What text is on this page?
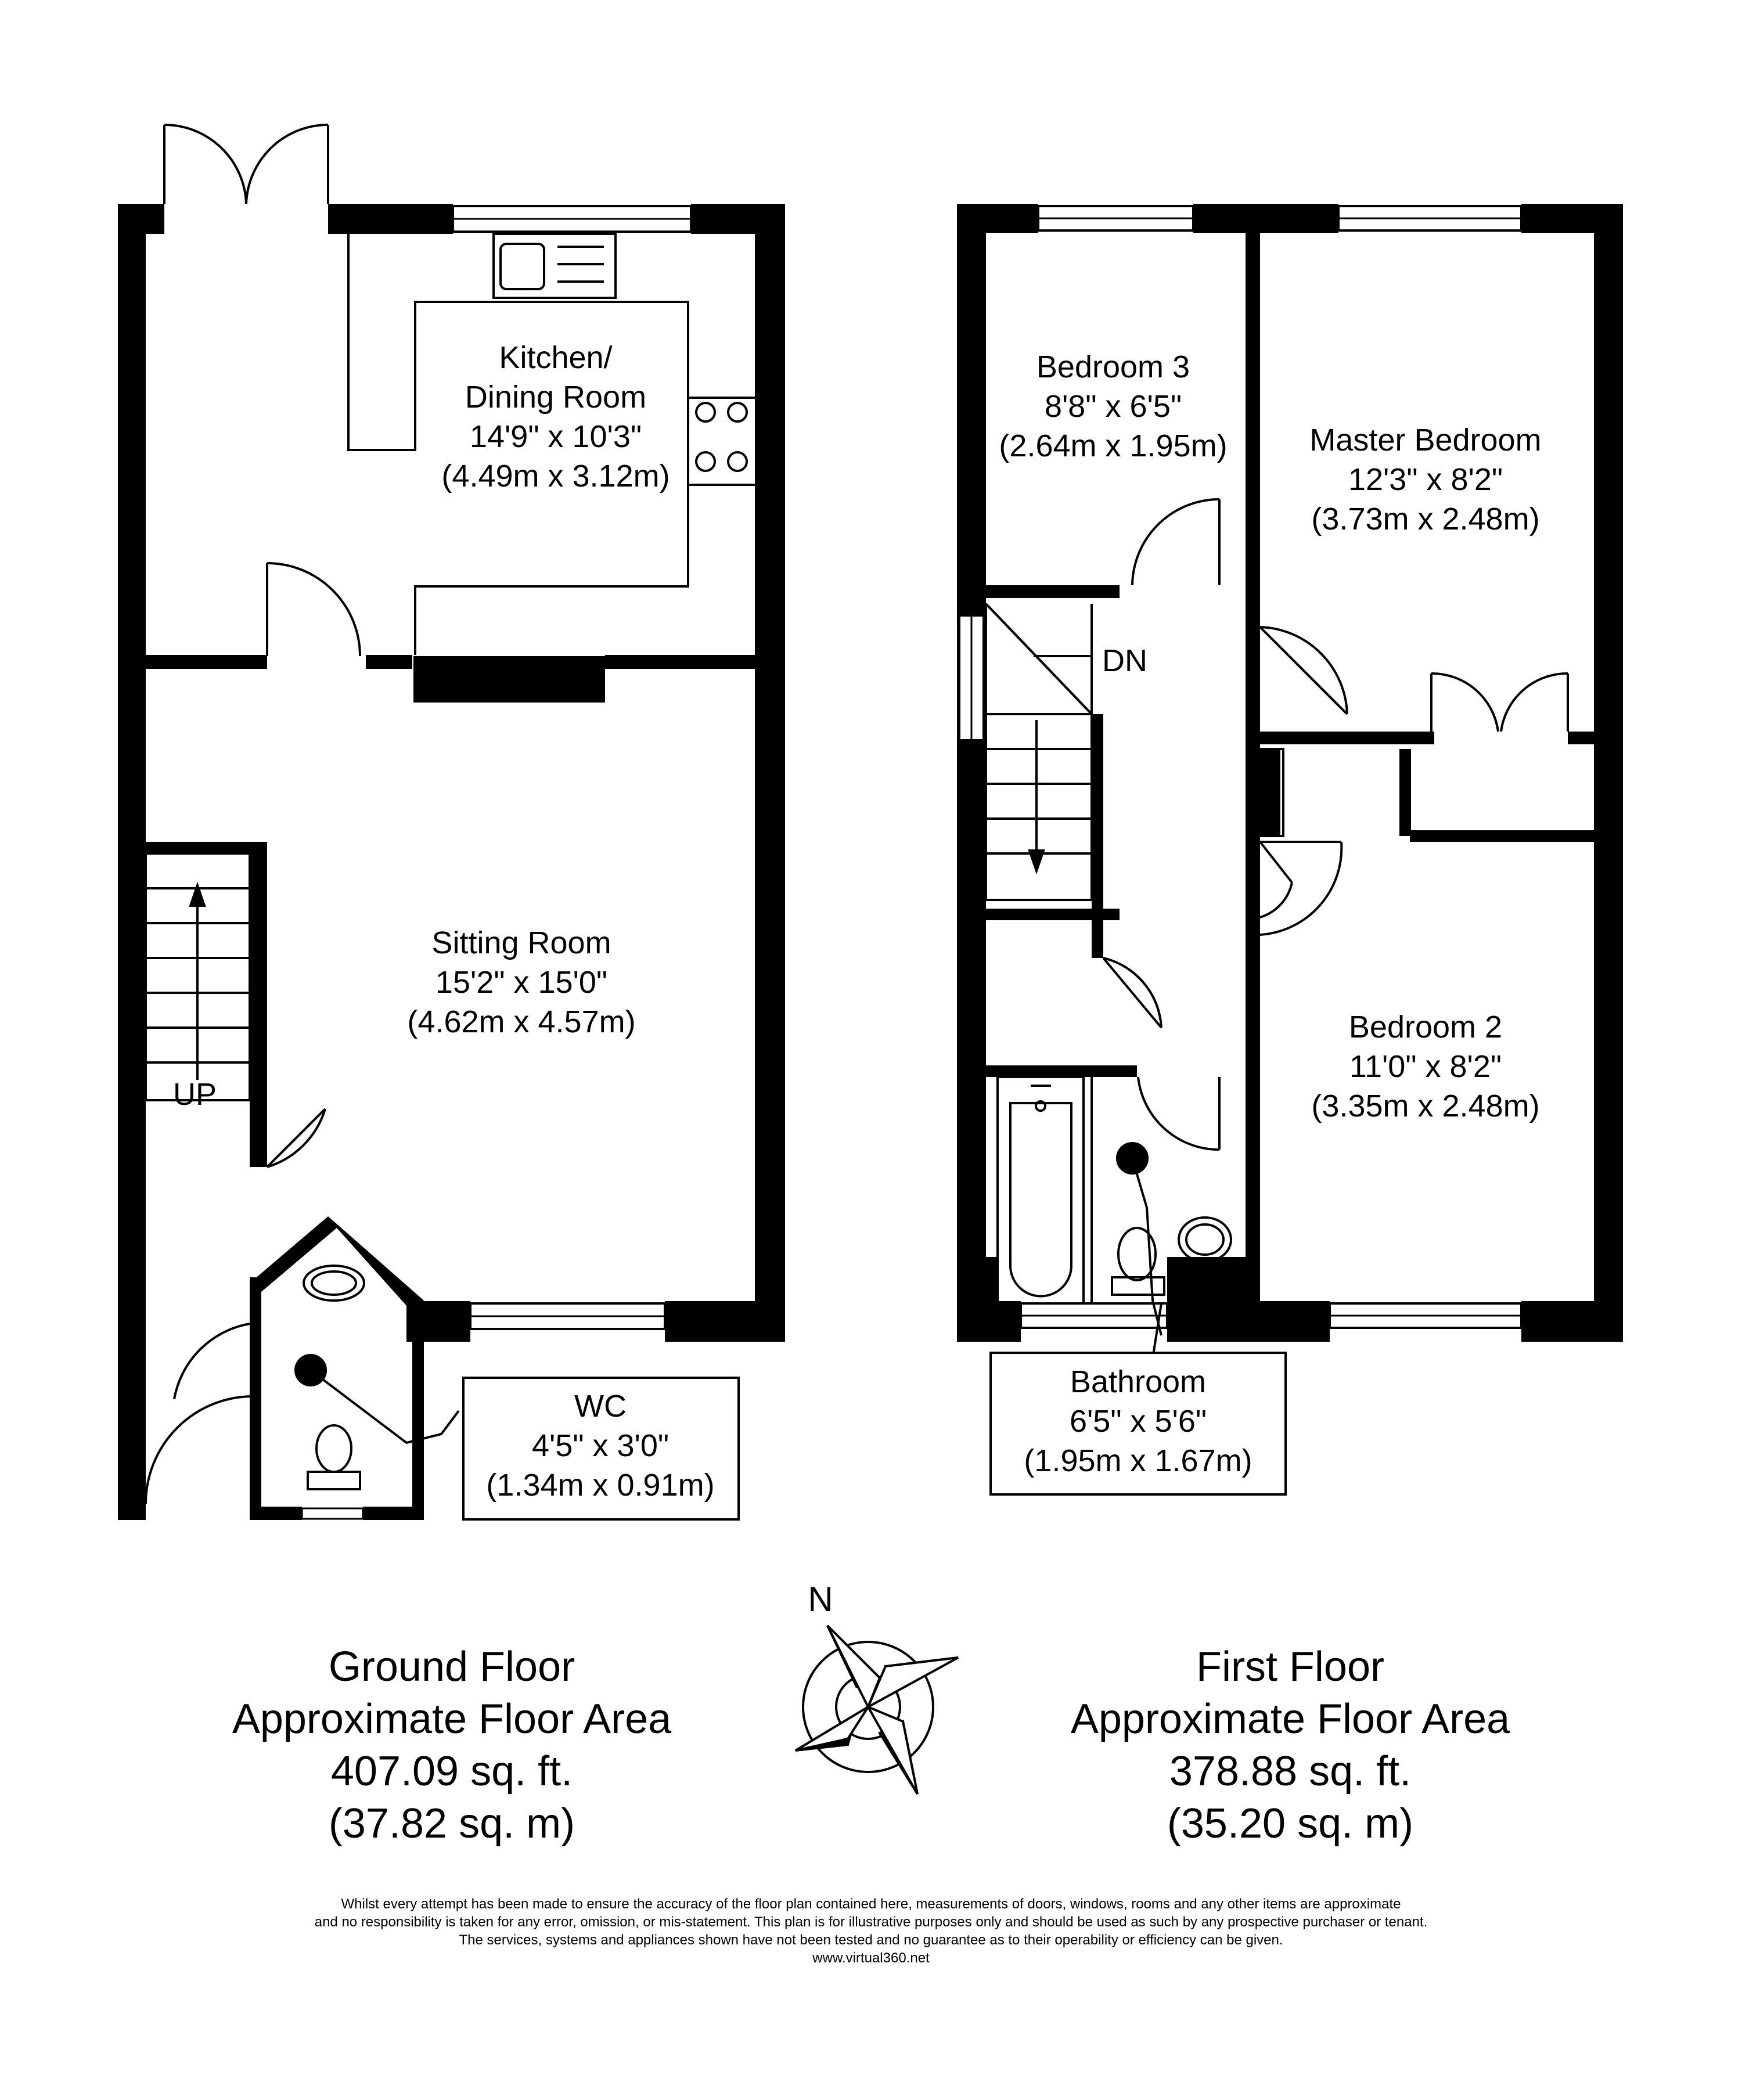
Kitchen/
Dining Room
14'9" x 10'3"
(4.49m x 3.12m)
Sitting Room
15'2" x 15'0"
(4.62m x 4.57m)
WC
4'5" x 3'0"
(1.34m x 0.91m)
UP
Bedroom 3
8'8" x 6'5"
(2.64m x 1.95m)	Master Bedroom
12'3" x 8'2"
(3.73m x 2.48m)
Bedroom 2
11'0" x 8'2"
(3.35m x 2.48m)
Bathroom
6'5" x 5'6"
(1.95m x 1.67m)
DN
N
Ground Floor
Approximate Floor Area
407.09 sq. ft.
(37.82 sq. m)
First Floor
Approximate Floor Area
378.88 sq. ft.
(35.20 sq. m)
Whilst every attempt has been made to ensure the accuracy of the floor plan contained here, measurements of doors, windows, rooms and any other items are approximate
and no responsibility is taken for any error, omission, or mis-statement. This plan is for illustrative purposes only and should be used as such by any prospective purchaser or tenant.
The services, systems and appliances shown have not been tested and no guarantee as to their operability or efficiency can be given.
www.virtual360.net
